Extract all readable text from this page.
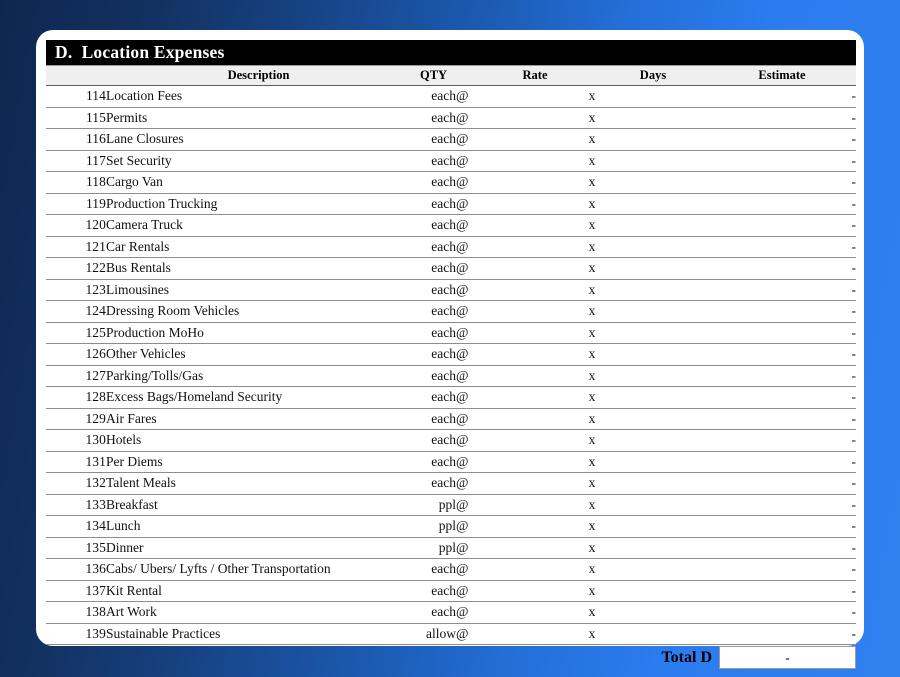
D.  Location Expenses
	Description	QTY		Rate		Days	Estimate
114	Location Fees	each	@		x		-
115	Permits	each	@		x		-
116	Lane Closures	each	@		x		-
117	Set Security	each	@		x		-
118	Cargo Van	each	@		x		-
119	Production Trucking	each	@		x		-
120	Camera Truck	each	@		x		-
121	Car Rentals	each	@		x		-
122	Bus Rentals	each	@		x		-
123	Limousines	each	@		x		-
124	Dressing Room Vehicles	each	@		x		-
125	Production MoHo	each	@		x		-
126	Other Vehicles	each	@		x		-
127	Parking/Tolls/Gas	each	@		x		-
128	Excess Bags/Homeland Security	each	@		x		-
129	Air Fares	each	@		x		-
130	Hotels	each	@		x		-
131	Per Diems	each	@		x		-
132	Talent Meals	each	@		x		-
133	Breakfast	ppl	@		x		-
134	Lunch	ppl	@		x		-
135	Dinner	ppl	@		x		-
136	Cabs/ Ubers/ Lyfts / Other Transportation	each	@		x		-
137	Kit Rental	each	@		x		-
138	Art Work	each	@		x		-
139	Sustainable Practices	allow	@		x		-
Total D	-
